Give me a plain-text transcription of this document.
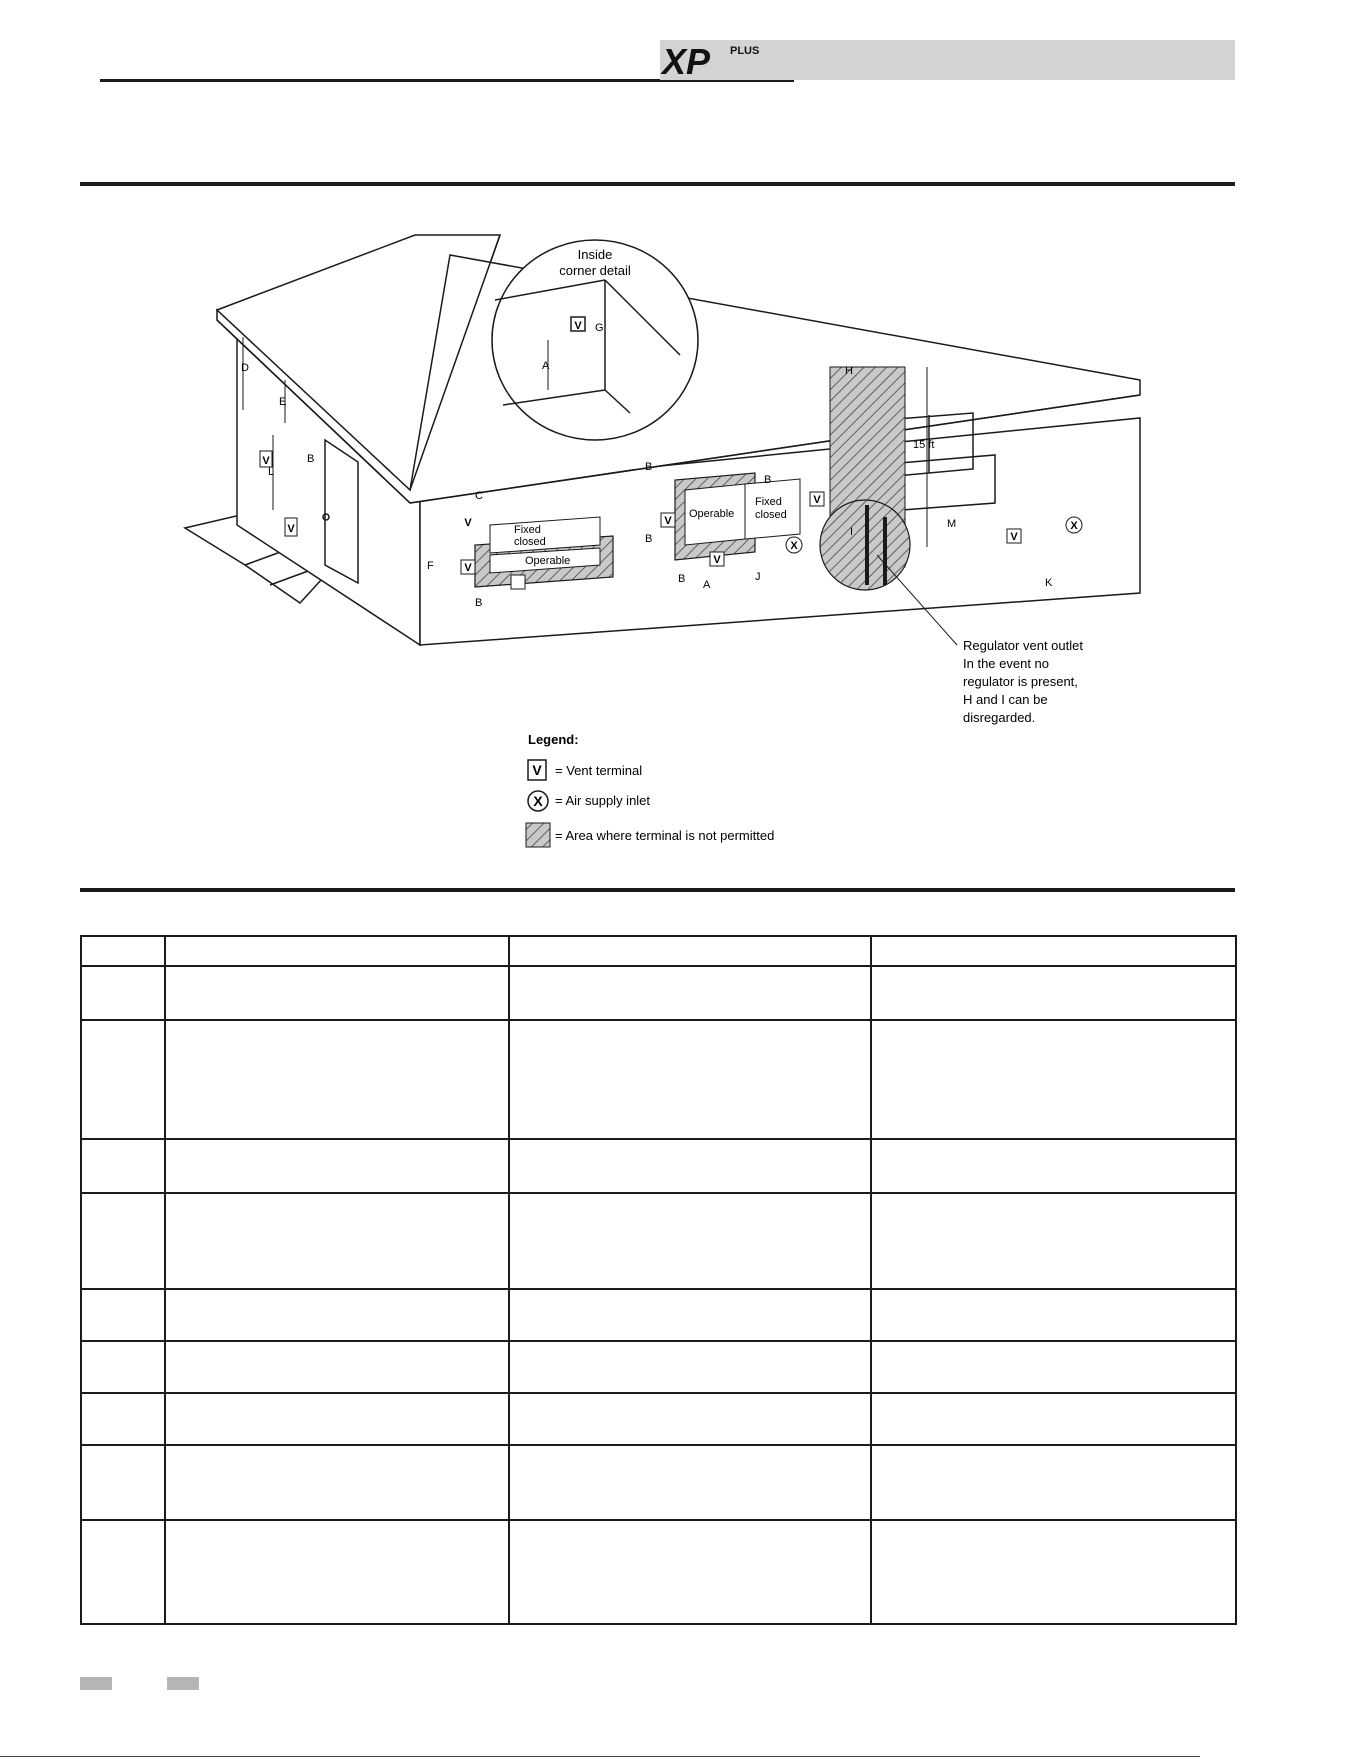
XP PLUS
Inside
corner detail
V G
A
Fixed
closed
Operable
Operable
Fixed
closed
H
I
15 ft
Regulator vent outlet
In the event no
regulator is present,
H and I can be
disregarded.
V
V	V
V
V
V
V
V
X
X
D
E
L
B
F
C
B
B
B
B
B
A
J	K
M
Legend:
V = Vent terminal
X = Air supply inlet
= Area where terminal is not permitted
